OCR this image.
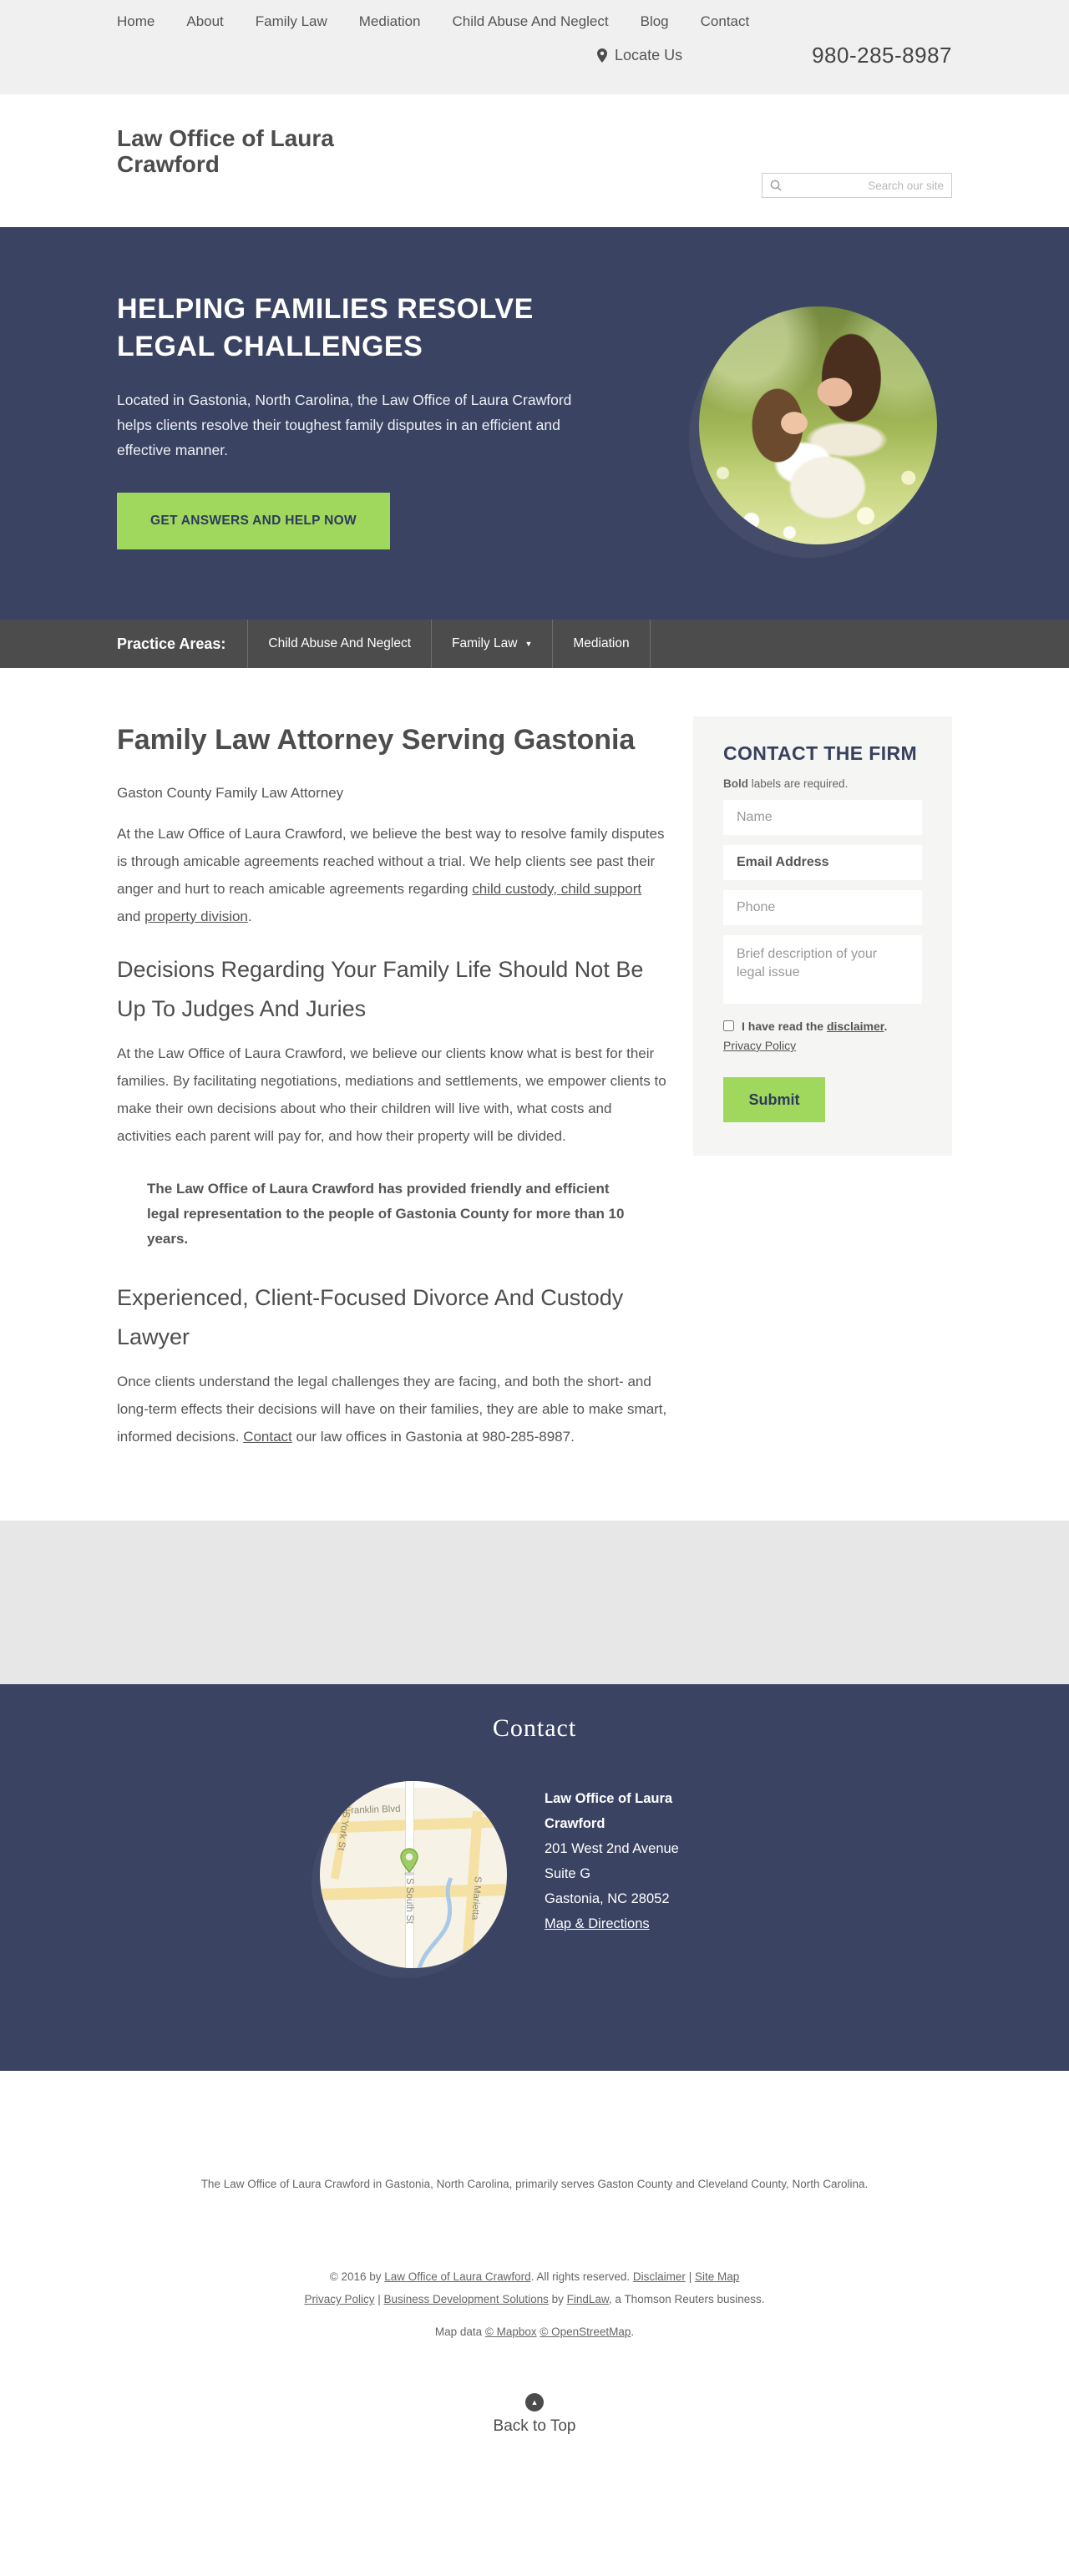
Home About Family Law Mediation Child Abuse And Neglect Blog Contact
Locate Us	980-285-8987
Law Office of Laura
Crawford
Search our site
HELPING FAMILIES RESOLVE
LEGAL CHALLENGES
Located in Gastonia, North Carolina, the Law Office of Laura Crawford helps clients resolve their toughest family disputes in an efficient and effective manner.
GET ANSWERS AND HELP NOW
Practice Areas:	Child Abuse And Neglect	Family Law ▼	Mediation
Family Law Attorney Serving Gastonia
Gaston County Family Law Attorney

At the Law Office of Laura Crawford, we believe the best way to resolve family disputes is through amicable agreements reached without a trial. We help clients see past their anger and hurt to reach amicable agreements regarding child custody, child support and property division.

Decisions Regarding Your Family Life Should Not Be Up To Judges And Juries

At the Law Office of Laura Crawford, we believe our clients know what is best for their families. By facilitating negotiations, mediations and settlements, we empower clients to make their own decisions about who their children will live with, what costs and activities each parent will pay for, and how their property will be divided.

The Law Office of Laura Crawford has provided friendly and efficient legal representation to the people of Gastonia County for more than 10 years.
Experienced, Client-Focused Divorce And Custody Lawyer

Once clients understand the legal challenges they are facing, and both the short- and long-term effects their decisions will have on their families, they are able to make smart, informed decisions. Contact our law offices in Gastonia at 980-285-8987.

CONTACT THE FIRM
Bold labels are required.
Name
Email Address
Phone
Brief description of your legal issue
I have read the disclaimer.
Privacy Policy
Submit
Contact
W Franklin Blvd
S York St
S South St	S Marietta
Law Office of Laura Crawford
201 West 2nd Avenue
Suite G
Gastonia, NC 28052
Map & Directions
The Law Office of Laura Crawford in Gastonia, North Carolina, primarily serves Gaston County and Cleveland County, North Carolina.
© 2016 by Law Office of Laura Crawford. All rights reserved. Disclaimer | Site Map
Privacy Policy | Business Development Solutions by FindLaw, a Thomson Reuters business.
Map data © Mapbox © OpenStreetMap.
▲
Back to Top
